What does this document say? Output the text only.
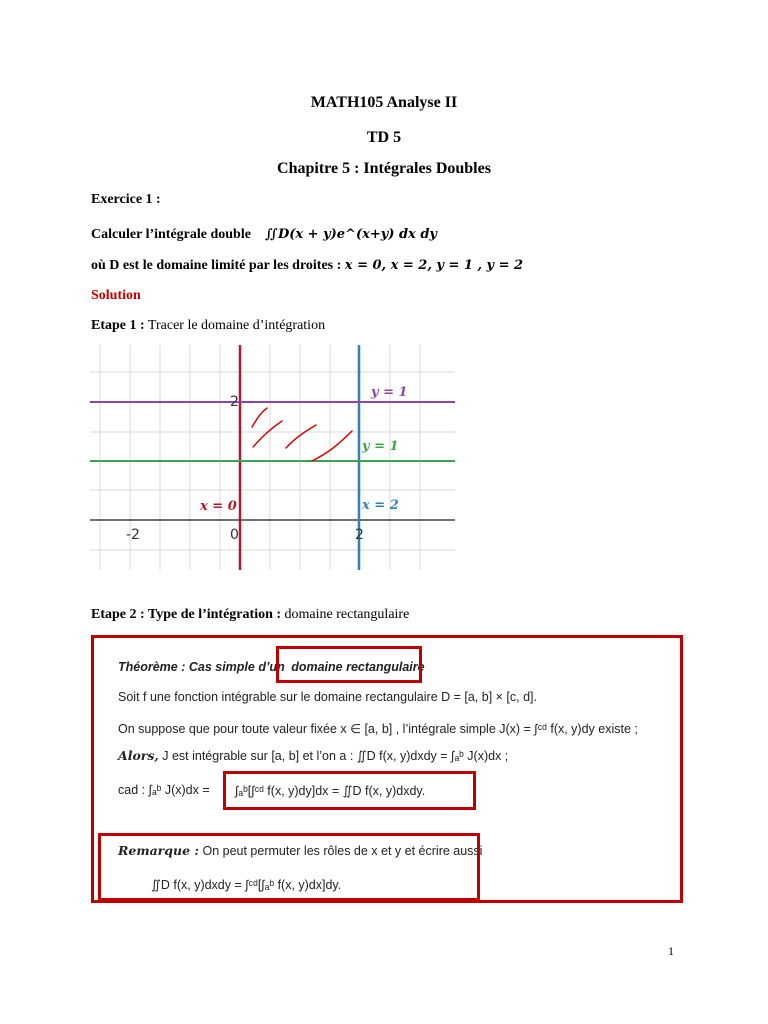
MATH105 Analyse II
TD 5
Chapitre 5 : Intégrales Doubles
Exercice 1 :
Calculer l’intégrale double ∬D(x + y)e^(x+y) dx dy
où D est le domaine limité par les droites : x = 0, x = 2, y = 1 , y = 2
Solution
Etape 1 : Tracer le domaine d’intégration
-2	0	2
2
y = 1
y = 1
x = 0	x = 2
Etape 2 : Type de l’intégration : domaine rectangulaire
Théorème : Cas simple d’un domaine rectangulaire
Soit f une fonction intégrable sur le domaine rectangulaire D = [a, b] × [c, d].
On suppose que pour toute valeur fixée x ∈ [a, b] , l’intégrale simple J(x) = ∫ᶜᵈ f(x, y)dy existe ;
Alors, J est intégrable sur [a, b] et l’on a : ∬D f(x, y)dxdy = ∫ₐᵇ J(x)dx ;
cad : ∫ₐᵇ J(x)dx = ∫ₐᵇ[∫ᶜᵈ f(x, y)dy]dx = ∬D f(x, y)dxdy.
Remarque : On peut permuter les rôles de x et y et écrire aussi
∬D f(x, y)dxdy = ∫ᶜᵈ[∫ₐᵇ f(x, y)dx]dy.
1
